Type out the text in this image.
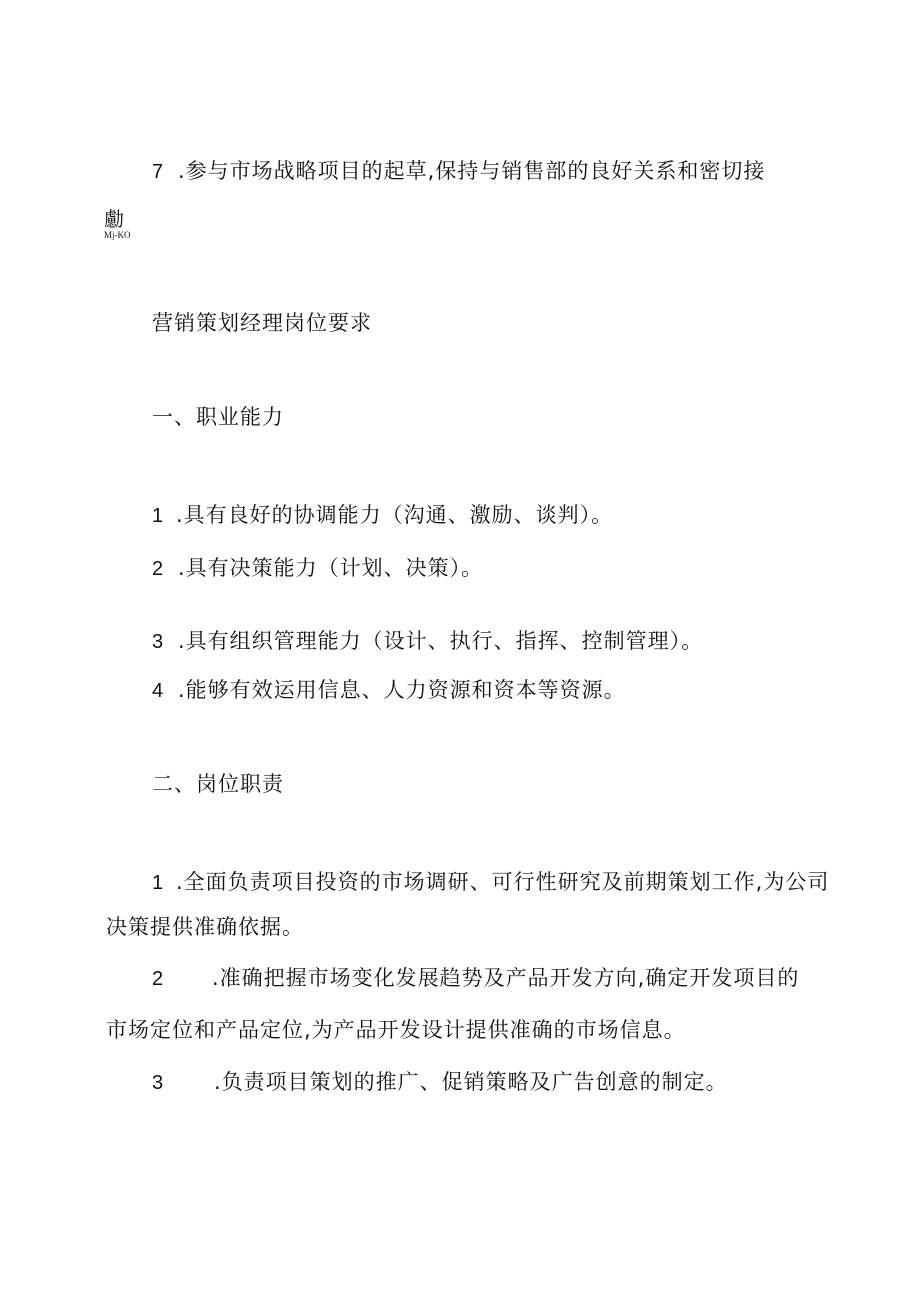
7 .参与市场战略项目的起草,保持与销售部的良好关系和密切接
勴
Mj-KO
营销策划经理岗位要求
一、职业能力
1 .具有良好的协调能力（沟通、激励、谈判）。
2 .具有决策能力（计划、决策）。
3 .具有组织管理能力（设计、执行、指挥、控制管理）。
4 .能够有效运用信息、人力资源和资本等资源。
二、岗位职责
1 .全面负责项目投资的市场调研、可行性研究及前期策划工作,为公司
决策提供准确依据。
2 .准确把握市场变化发展趋势及产品开发方向,确定开发项目的
市场定位和产品定位,为产品开发设计提供准确的市场信息。
3 .负责项目策划的推广、促销策略及广告创意的制定。
